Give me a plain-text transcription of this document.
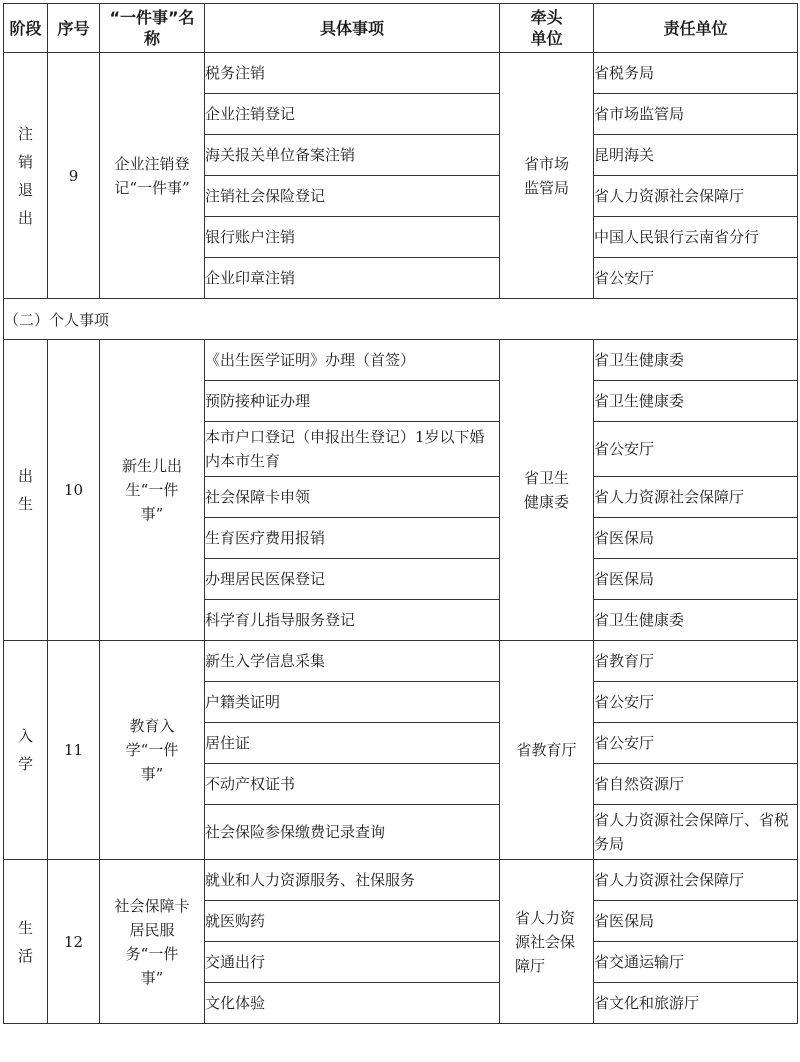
阶段	序号	“一件事”名称	具体事项	牵头单位	责任单位
注销退出	9	企业注销登记“一件事”	税务注销	省市场监管局	省税务局
			企业注销登记		省市场监管局
			海关报关单位备案注销		昆明海关
			注销社会保险登记		省人力资源社会保障厅
			银行账户注销		中国人民银行云南省分行
			企业印章注销		省公安厅
（二）个人事项					
出生	10	新生儿出生“一件事”	《出生医学证明》办理（首签）	省卫生健康委	省卫生健康委
			预防接种证办理		省卫生健康委
			本市户口登记（申报出生登记）1岁以下婚内本市生育		省公安厅
			社会保障卡申领		省人力资源社会保障厅
			生育医疗费用报销		省医保局
			办理居民医保登记		省医保局
			科学育儿指导服务登记		省卫生健康委
入学	11	教育入学“一件事”	新生入学信息采集	省教育厅	省教育厅
			户籍类证明		省公安厅
			居住证		省公安厅
			不动产权证书		省自然资源厅
			社会保险参保缴费记录查询		省人力资源社会保障厅、省税务局
生活	12	社会保障卡居民服务“一件事”	就业和人力资源服务、社保服务	省人力资源社会保障厅	省人力资源社会保障厅
			就医购药		省医保局
			交通出行		省交通运输厅
			文化体验		省文化和旅游厅
